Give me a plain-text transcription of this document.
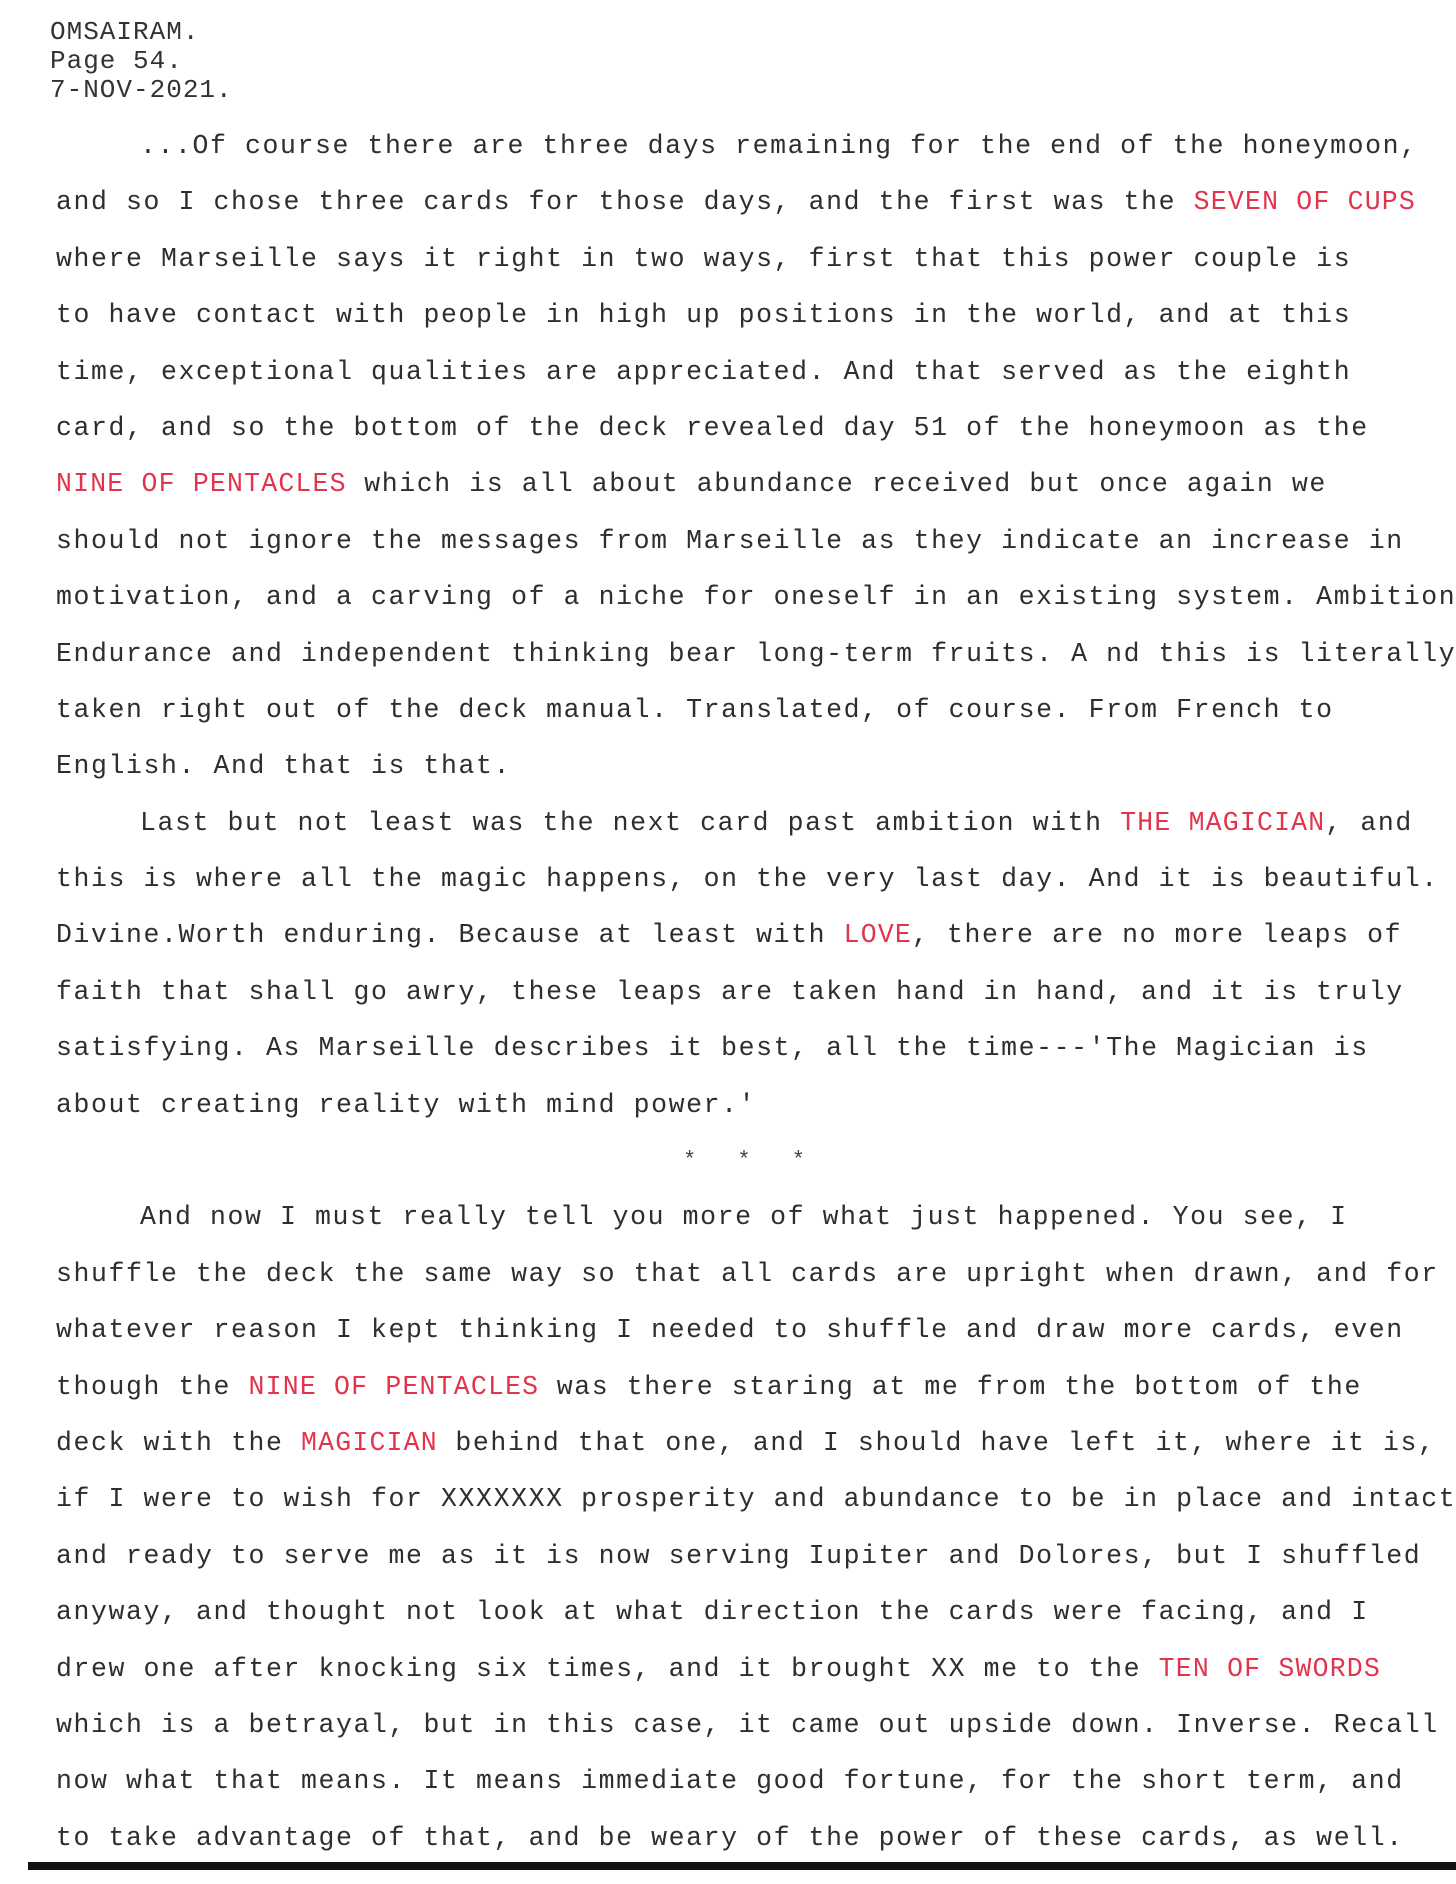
OMSAIRAM.
Page 54.
7-NOV-2021.
...Of course there are three days remaining for the end of the honeymoon,
and so I chose three cards for those days, and the first was the SEVEN OF CUPS
where Marseille says it right in two ways, first that this power couple is
to have contact with people in high up positions in the world, and at this
time, exceptional qualities are appreciated. And that served as the eighth
card, and so the bottom of the deck revealed day 51 of the honeymoon as the
NINE OF PENTACLES which is all about abundance received but once again we
should not ignore the messages from Marseille as they indicate an increase in
motivation, and a carving of a niche for oneself in an existing system. Ambition
Endurance and independent thinking bear long-term fruits. A nd this is literally
taken right out of the deck manual. Translated, of course. From French to
English. And that is that.
Last but not least was the next card past ambition with THE MAGICIAN, and
this is where all the magic happens, on the very last day. And it is beautiful.
Divine.Worth enduring. Because at least with LOVE, there are no more leaps of
faith that shall go awry, these leaps are taken hand in hand, and it is truly
satisfying. As Marseille describes it best, all the time---'The Magician is
about creating reality with mind power.'
* * *
And now I must really tell you more of what just happened. You see, I
shuffle the deck the same way so that all cards are upright when drawn, and for
whatever reason I kept thinking I needed to shuffle and draw more cards, even
though the NINE OF PENTACLES was there staring at me from the bottom of the
deck with the MAGICIAN behind that one, and I should have left it, where it is,
if I were to wish for XXXXXXX prosperity and abundance to be in place and intact
and ready to serve me as it is now serving Iupiter and Dolores, but I shuffled
anyway, and thought not look at what direction the cards were facing, and I
drew one after knocking six times, and it brought XX me to the TEN OF SWORDS
which is a betrayal, but in this case, it came out upside down. Inverse. Recall
now what that means. It means immediate good fortune, for the short term, and
to take advantage of that, and be weary of the power of these cards, as well.
